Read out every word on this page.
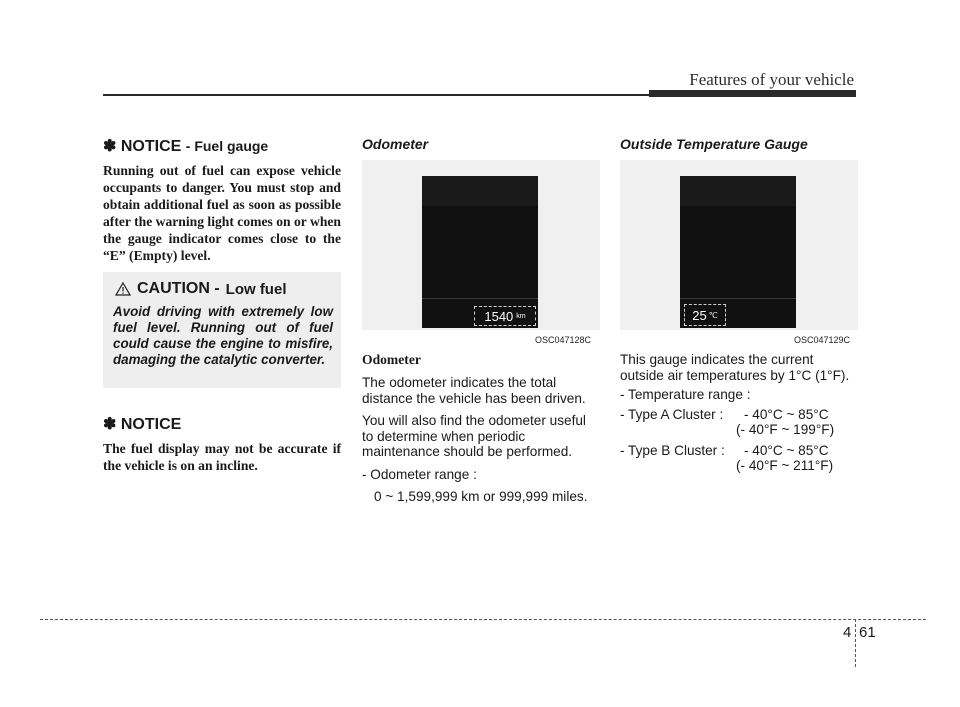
Features of your vehicle
✽ NOTICE - Fuel gauge

Running out of fuel can expose vehicle occupants to danger. You must stop and obtain additional fuel as soon as possible after the warning light comes on or when the gauge indicator comes close to the “E” (Empty) level.

CAUTION - Low fuel
Avoid driving with extremely low fuel level. Running out of fuel could cause the engine to misfire, damaging the catalytic converter.
✽ NOTICE

The fuel display may not be accurate if the vehicle is on an incline.

Odometer

1540 km
OSC047128C
Odometer

The odometer indicates the total distance the vehicle has been driven.

You will also find the odometer useful to determine when periodic maintenance should be performed.

- Odometer range :

0 ~ 1,599,999 km or 999,999 miles.

Outside Temperature Gauge

25 ℃
OSC047129C

This gauge indicates the current outside air temperatures by 1°C (1°F).

- Temperature range :

- Type A Cluster :	- 40°C ~ 85°C
(- 40°F ~ 199°F)
- Type B Cluster :	- 40°C ~ 85°C
(- 40°F ~ 211°F)
4 61
